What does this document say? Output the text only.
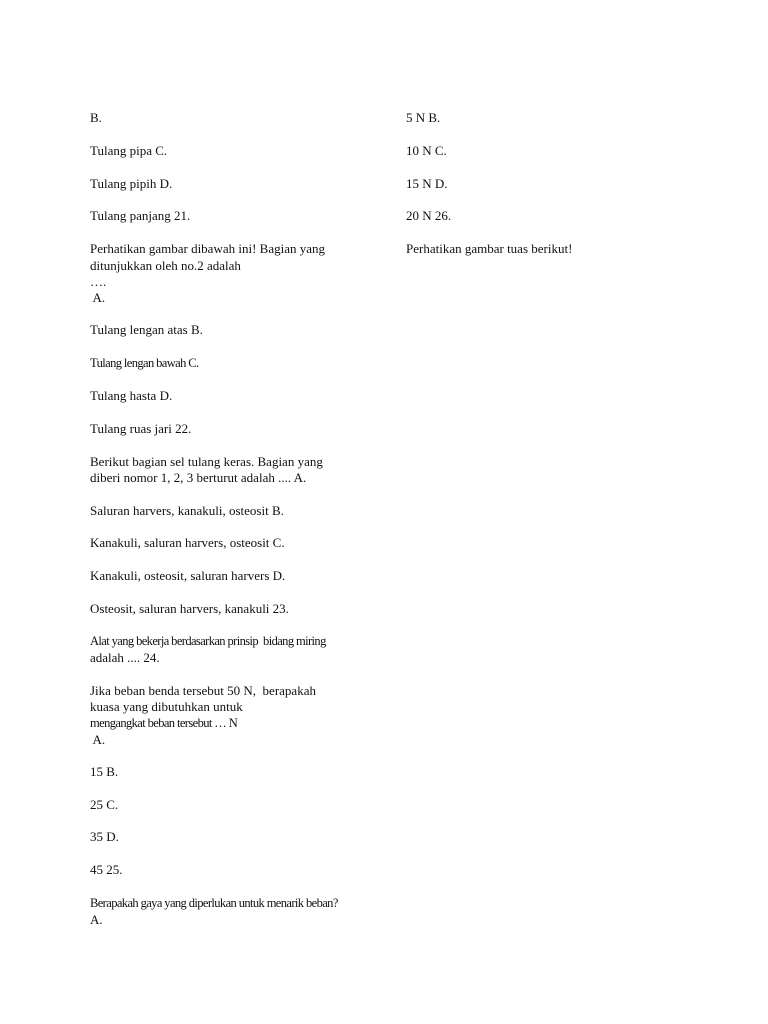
B.
Tulang pipa C.
Tulang pipih D.
Tulang panjang 21.
Perhatikan gambar dibawah ini! Bagian yang
ditunjukkan oleh no.2 adalah
….
A.
Tulang lengan atas B.
Tulang lengan bawah C.
Tulang hasta D.
Tulang ruas jari 22.
Berikut bagian sel tulang keras. Bagian yang
diberi nomor 1, 2, 3 berturut adalah .... A.
Saluran harvers, kanakuli, osteosit B.
Kanakuli, saluran harvers, osteosit C.
Kanakuli, osteosit, saluran harvers D.
Osteosit, saluran harvers, kanakuli 23.
Alat yang bekerja berdasarkan prinsip  bidang miring
adalah .... 24.
Jika beban benda tersebut 50 N,  berapakah
kuasa yang dibutuhkan untuk
mengangkat beban tersebut … N
A.
15 B.
25 C.
35 D.
45 25.
Berapakah gaya yang diperlukan untuk menarik beban?
A.
5 N B.
10 N C.
15 N D.
20 N 26.
Perhatikan gambar tuas berikut!
